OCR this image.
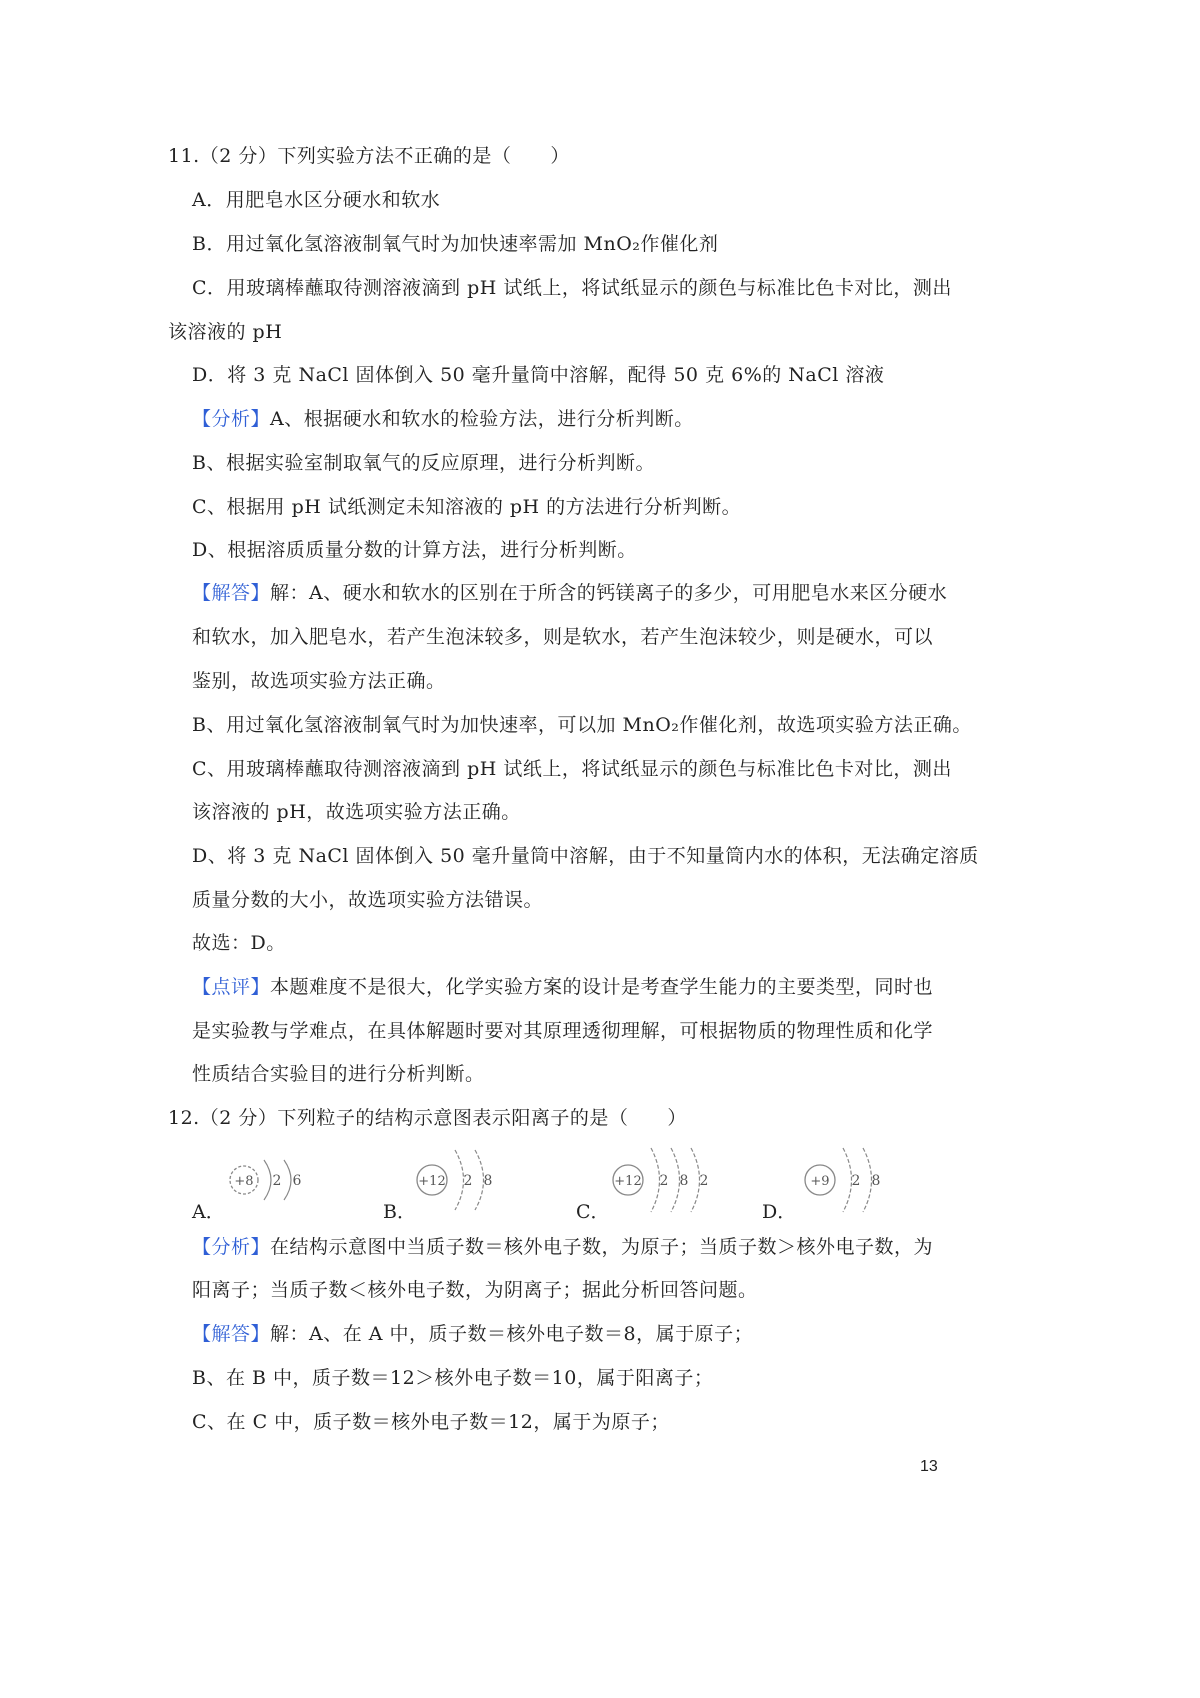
11.（2 分）下列实验方法不正确的是（　　）
A．用肥皂水区分硬水和软水
B．用过氧化氢溶液制氧气时为加快速率需加 MnO₂作催化剂
C．用玻璃棒蘸取待测溶液滴到 pH 试纸上，将试纸显示的颜色与标准比色卡对比，测出
该溶液的 pH
D．将 3 克 NaCl 固体倒入 50 毫升量筒中溶解，配得 50 克 6%的 NaCl 溶液
【分析】A、根据硬水和软水的检验方法，进行分析判断。
B、根据实验室制取氧气的反应原理，进行分析判断。
C、根据用 pH 试纸测定未知溶液的 pH 的方法进行分析判断。
D、根据溶质质量分数的计算方法，进行分析判断。
【解答】解：A、硬水和软水的区别在于所含的钙镁离子的多少，可用肥皂水来区分硬水
和软水，加入肥皂水，若产生泡沫较多，则是软水，若产生泡沫较少，则是硬水，可以
鉴别，故选项实验方法正确。
B、用过氧化氢溶液制氧气时为加快速率，可以加 MnO₂作催化剂，故选项实验方法正确。
C、用玻璃棒蘸取待测溶液滴到 pH 试纸上，将试纸显示的颜色与标准比色卡对比，测出
该溶液的 pH，故选项实验方法正确。
D、将 3 克 NaCl 固体倒入 50 毫升量筒中溶解，由于不知量筒内水的体积，无法确定溶质
质量分数的大小，故选项实验方法错误。
故选：D。
【点评】本题难度不是很大，化学实验方案的设计是考查学生能力的主要类型，同时也
是实验教与学难点，在具体解题时要对其原理透彻理解，可根据物质的物理性质和化学
性质结合实验目的进行分析判断。
12.（2 分）下列粒子的结构示意图表示阳离子的是（　　）
A．	B．	C．	D．
+8 2 6	+12 2 8	+12 2 8 2	+9 2 8
【分析】在结构示意图中当质子数＝核外电子数，为原子；当质子数＞核外电子数，为
阳离子；当质子数＜核外电子数，为阴离子；据此分析回答问题。
【解答】解：A、在 A 中，质子数＝核外电子数＝8，属于原子；
B、在 B 中，质子数＝12＞核外电子数＝10，属于阳离子；
C、在 C 中，质子数＝核外电子数＝12，属于为原子；
13
